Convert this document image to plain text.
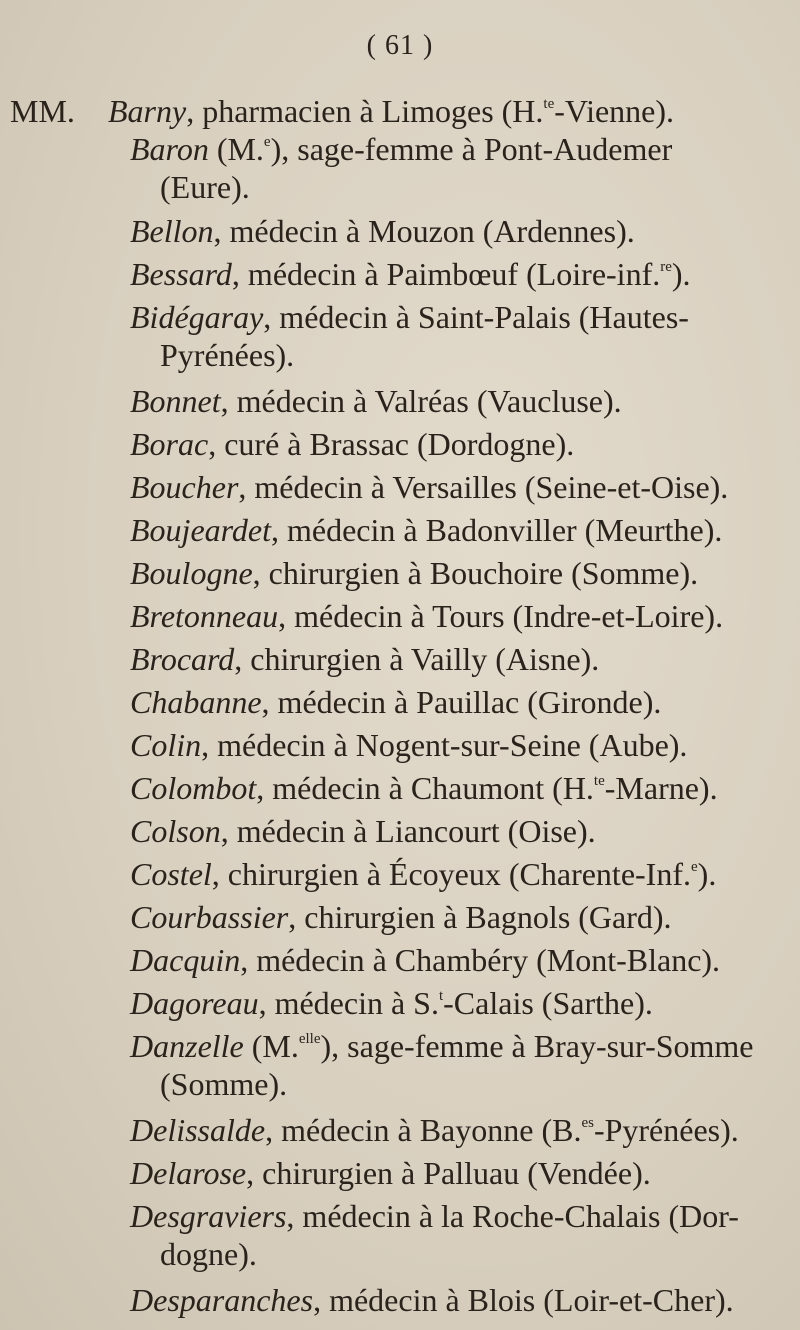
( 61 )
MM. Barny, pharmacien à Limoges (H.$^{te}$-Vienne).
Baron (M.$^e$), sage-femme à Pont-Audemer
(Eure).
Bellon, médecin à Mouzon (Ardennes).
Bessard, médecin à Paimbœuf (Loire-inf.$^{re}$).
Bidégaray, médecin à Saint-Palais (Hautes-
Pyrénées).
Bonnet, médecin à Valréas (Vaucluse).
Borac, curé à Brassac (Dordogne).
Boucher, médecin à Versailles (Seine-et-Oise).
Boujeardet, médecin à Badonviller (Meurthe).
Boulogne, chirurgien à Bouchoire (Somme).
Bretonneau, médecin à Tours (Indre-et-Loire).
Brocard, chirurgien à Vailly (Aisne).
Chabanne, médecin à Pauillac (Gironde).
Colin, médecin à Nogent-sur-Seine (Aube).
Colombot, médecin à Chaumont (H.$^{te}$-Marne).
Colson, médecin à Liancourt (Oise).
Costel, chirurgien à Écoyeux (Charente-Inf.$^e$).
Courbassier, chirurgien à Bagnols (Gard).
Dacquin, médecin à Chambéry (Mont-Blanc).
Dagoreau, médecin à S.$^t$-Calais (Sarthe).
Danzelle (M.$^{elle}$), sage-femme à Bray-sur-Somme
(Somme).
Delissalde, médecin à Bayonne (B.$^{es}$-Pyrénées).
Delarose, chirurgien à Palluau (Vendée).
Desgraviers, médecin à la Roche-Chalais (Dor-
dogne).
Desparanches, médecin à Blois (Loir-et-Cher).
